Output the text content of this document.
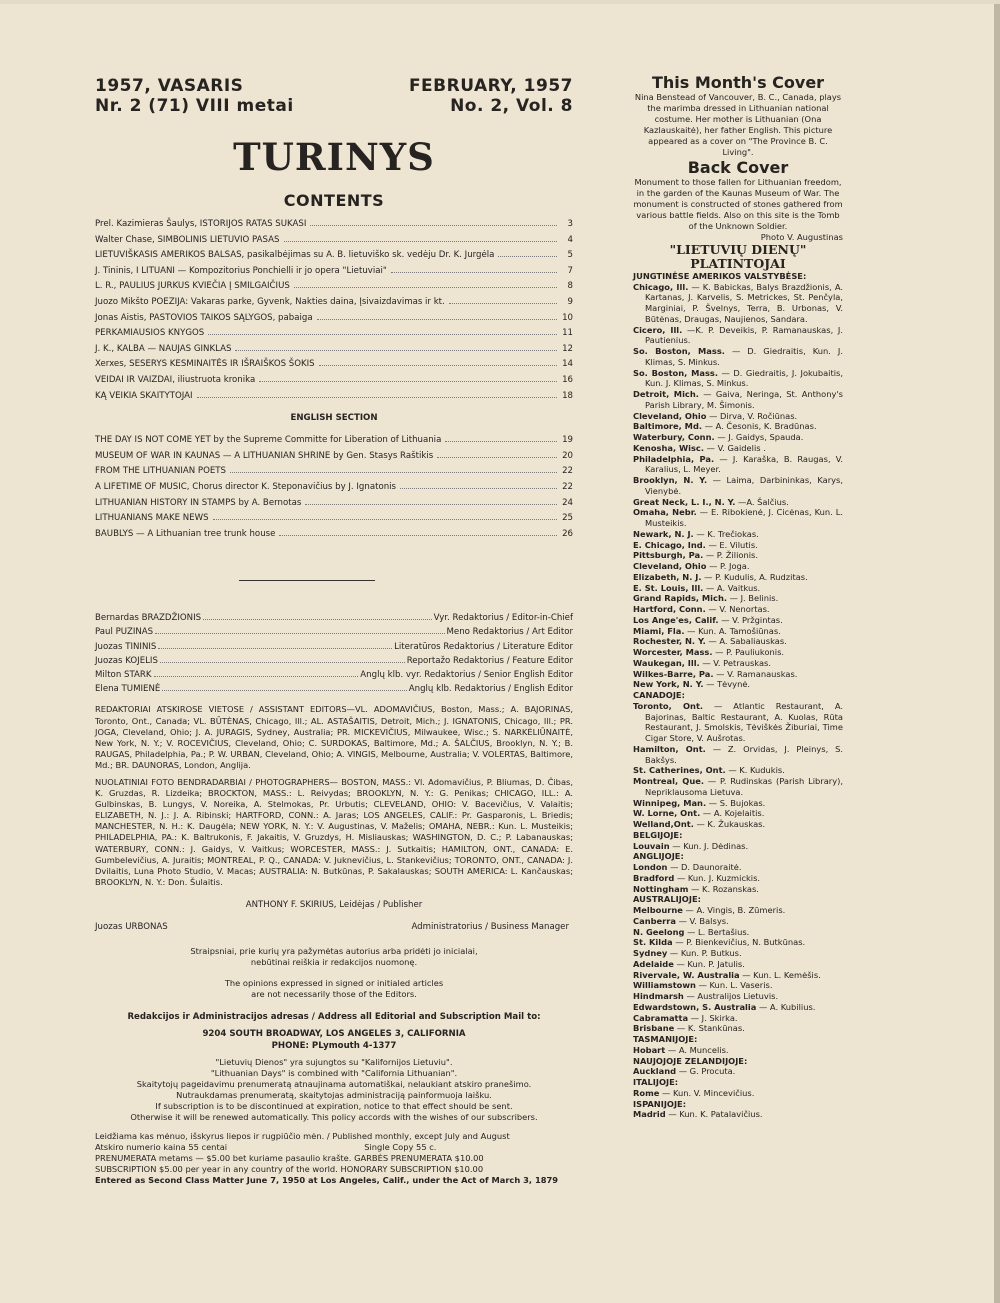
1957, VASARIS
Nr. 2 (71) VIII metai
FEBRUARY, 1957
No. 2, Vol. 8
TURINYS
CONTENTS
Prel. Kazimieras Šaulys, ISTORIJOS RATAS SUKASI	3
Walter Chase, SIMBOLINIS LIETUVIO PASAS	4
LIETUVIŠKASIS AMERIKOS BALSAS, pasikalbėjimas su A. B. lietuviško sk. vedėju Dr. K. Jurgėla	5
J. Tininis, I LITUANI — Kompozitorius Ponchielli ir jo opera "Lietuviai"	7
L. R., PAULIUS JURKUS KVIEČIA Į SMILGAIČIUS	8
Juozo Mikšto POEZIJA: Vakaras parke, Gyvenk, Nakties daina, Įsivaizdavimas ir kt.	9
Jonas Aistis, PASTOVIOS TAIKOS SĄLYGOS, pabaiga	10
PERKAMIAUSIOS KNYGOS	11
J. K., KALBA — NAUJAS GINKLAS	12
Xerxes, SESERYS KESMINAITĖS IR IŠRAIŠKOS ŠOKIS	14
VEIDAI IR VAIZDAI, iliustruota kronika	16
KĄ VEIKIA SKAITYTOJAI	18
ENGLISH SECTION
THE DAY IS NOT COME YET by the Supreme Committe for Liberation of Lithuania	19
MUSEUM OF WAR IN KAUNAS — A LITHUANIAN SHRINE by Gen. Stasys Raštikis	20
FROM THE LITHUANIAN POETS	22
A LIFETIME OF MUSIC, Chorus director K. Steponavičius by J. Ignatonis	22
LITHUANIAN HISTORY IN STAMPS by A. Bernotas	24
LITHUANIANS MAKE NEWS	25
BAUBLYS — A Lithuanian tree trunk house	26
Bernardas BRAZDŽIONIS	Vyr. Redaktorius / Editor-in-Chief
Paul PUZINAS	Meno Redaktorius / Art Editor
Juozas TININIS	Literatūros Redaktorius / Literature Editor
Juozas KOJELIS	Reportažo Redaktorius / Feature Editor
Milton STARK	Anglų klb. vyr. Redaktorius / Senior English Editor
Elena TUMIENĖ	Anglų klb. Redaktorius / English Editor
REDAKTORIAI ATSKIROSE VIETOSE / ASSISTANT EDITORS—VL. ADOMAVIČIUS, Boston, Mass.; A. BAJORINAS, Toronto, Ont., Canada; VL. BŪTĖNAS, Chicago, Ill.; AL. ASTAŠAITIS, Detroit, Mich.; J. IGNATONIS, Chicago, Ill.; PR. JOGA, Cleveland, Ohio; J. A. JURAGIS, Sydney, Australia; PR. MICKEVIČIUS, Milwaukee, Wisc.; S. NARKĖLIŪNAITĖ, New York, N. Y.; V. ROCEVIČIUS, Cleveland, Ohio; C. SURDOKAS, Baltimore, Md.; A. ŠALČIUS, Brooklyn, N. Y.; B. RAUGAS, Philadelphia, Pa.; P. W. URBAN, Cleveland, Ohio; A. VINGIS, Melbourne, Australia; V. VOLERTAS, Baltimore, Md.; BR. DAUNORAS, London, Anglija.
NUOLATINIAI FOTO BENDRADARBIAI / PHOTOGRAPHERS— BOSTON, MASS.: Vl. Adomavičius, P. Bliumas, D. Čibas, K. Gruzdas, R. Lizdeika; BROCKTON, MASS.: L. Reivydas; BROOKLYN, N. Y.: G. Penikas; CHICAGO, ILL.: A. Gulbinskas, B. Lungys, V. Noreika, A. Stelmokas, Pr. Urbutis; CLEVELAND, OHIO: V. Bacevičius, V. Valaitis; ELIZABETH, N. J.: J. A. Ribinski; HARTFORD, CONN.: A. Jaras; LOS ANGELES, CALIF.: Pr. Gasparonis, L. Briedis; MANCHESTER, N. H.: K. Daugėla; NEW YORK, N. Y.: V. Augustinas, V. Maželis; OMAHA, NEBR.: Kun. L. Musteikis; PHILADELPHIA, PA.: K. Baltrukonis, F. Jakaitis, V. Gruzdys, H. Misliauskas; WASHINGTON, D. C.; P. Labanauskas; WATERBURY, CONN.: J. Gaidys, V. Vaitkus; WORCESTER, MASS.: J. Sutkaitis; HAMILTON, ONT., CANADA: E. Gumbelevičius, A. Juraitis; MONTREAL, P. Q., CANADA: V. Juknevičius, L. Stankevičius; TORONTO, ONT., CANADA: J. Dvilaitis, Luna Photo Studio, V. Macas; AUSTRALIA: N. Butkūnas, P. Sakalauskas; SOUTH AMERICA: L. Kančauskas; BROOKLYN, N. Y.: Don. Šulaitis.
ANTHONY F. SKIRIUS, Leidėjas / Publisher
Juozas URBONAS	Administratorius / Business Manager
Straipsniai, prie kurių yra pažymėtas autorius arba pridėti jo inicialai,
nebūtinai reiškia ir redakcijos nuomonę.
The opinions expressed in signed or initialed articles
are not necessarily those of the Editors.
Redakcijos ir Administracijos adresas / Address all Editorial and Subscription Mail to:
9204 SOUTH BROADWAY, LOS ANGELES 3, CALIFORNIA
PHONE: PLymouth 4-1377
"Lietuvių Dienos" yra sujungtos su "Kalifornijos Lietuviu".
"Lithuanian Days" is combined with "California Lithuanian".
Skaitytojų pageidavimu prenumeratą atnaujinama automatiškai, nelaukiant atskiro pranešimo.
Nutraukdamas prenumeratą, skaitytojas administraciją painformuoja laišku.
If subscription is to be discontinued at expiration, notice to that effect should be sent.
Otherwise it will be renewed automatically. This policy accords with the wishes of our subscribers.
Leidžiama kas mėnuo, išskyrus liepos ir rugpiūčio mėn. / Published monthly, except July and August
Atskiro numerio kaina 55 centai                                                    Single Copy 55 c.
PRENUMERATA metams — $5.00 bet kuriame pasaulio krašte. GARBĖS PRENUMERATA $10.00
SUBSCRIPTION $5.00 per year in any country of the world. HONORARY SUBSCRIPTION $10.00
Entered as Second Class Matter June 7, 1950 at Los Angeles, Calif., under the Act of March 3, 1879
This Month's Cover
Nina Benstead of Vancouver, B. C., Canada, plays the marimba dressed in Lithuanian national costume. Her mother is Lithuanian (Ona Kazlauskaitė), her father English. This picture appeared as a cover on "The Province B. C. Living".
Back Cover
Monument to those fallen for Lithuanian freedom, in the garden of the Kaunas Museum of War. The monument is constructed of stones gathered from various battle fields. Also on this site is the Tomb of the Unknown Soldier.
Photo V. Augustinas
"LIETUVIŲ DIENŲ"
PLATINTOJAI
JUNGTINĖSE AMERIKOS VALSTYBĖSE:
Chicago, Ill. — K. Babickas, Balys Brazdžionis, A. Kartanas, J. Karvelis, S. Metrickes, St. Penčyla, Marginiai, P. Švelnys, Terra, B. Urbonas, V. Būtėnas, Draugas, Naujienos, Sandara.
Cicero, Ill. —K. P. Deveikis, P. Ramanauskas, J. Pautienius.
So. Boston, Mass. — D. Giedraitis, Kun. J. Klimas, S. Minkus.
So. Boston, Mass. — D. Giedraitis, J. Jokubaitis, Kun. J. Klimas, S. Minkus.
Detroit, Mich. — Gaiva, Neringa, St. Anthony's Parish Library, M. Šimonis.
Cleveland, Ohio — Dirva, V. Ročiūnas.
Baltimore, Md. — A. Česonis, K. Bradūnas.
Waterbury, Conn. — J. Gaidys, Spauda.
Kenosha, Wisc. — V. Gaidelis .
Philadelphia, Pa. — J. Karaška, B. Raugas, V. Karalius, L. Meyer.
Brooklyn, N. Y. — Laima, Darbininkas, Karys, Vienybė.
Great Neck, L. I., N. Y. —A. Šalčius.
Omaha, Nebr. — E. Ribokienė, J. Cicėnas, Kun. L. Musteikis.
Newark, N. J. — K. Trečiokas.
E. Chicago, Ind. — E. Vilutis.
Pittsburgh, Pa. — P. Žilionis.
Cleveland, Ohio — P. Joga.
Elizabeth, N. J. — P. Kudulis, A. Rudzitas.
E. St. Louis, Ill. — A. Vaitkus.
Grand Rapids, Mich. — J. Belinis.
Hartford, Conn. — V. Nenortas.
Los Ange'es, Calif. — V. Pržgintas.
Miami, Fla. — Kun. A. Tamošiūnas.
Rochester, N. Y. — A. Sabaliauskas.
Worcester, Mass. — P. Pauliukonis.
Waukegan, Ill. — V. Petrauskas.
Wilkes-Barre, Pa. — V. Ramanauskas.
New York, N. Y. — Tėvynė.
CANADOJE:
Toronto, Ont. — Atlantic Restaurant, A. Bajorinas, Baltic Restaurant, A. Kuolas, Rūta Restaurant, J. Smolskis, Tėviškės Žiburiai, Time Cigar Store, V. Aušrotas.
Hamilton, Ont. — Z. Orvidas, J. Pleinys, S. Bakšys.
St. Catherines, Ont. — K. Kudukis.
Montreal, Que. — P. Rudinskas (Parish Library), Nepriklausoma Lietuva.
Winnipeg, Man. — S. Bujokas.
W. Lorne, Ont. — A. Kojelaitis.
Welland,Ont. — K. Žukauskas.
BELGIJOJE:
Louvain — Kun. J. Dėdinas.
ANGLIJOJE:
London — D. Daunoraitė.
Bradford — Kun. J. Kuzmickis.
Nottingham — K. Rozanskas.
AUSTRALIJOJE:
Melbourne — A. Vingis, B. Zūmeris.
Canberra — V. Balsys.
N. Geelong — L. Bertašius.
St. Kilda — P. Bienkevičius, N. Butkūnas.
Sydney — Kun. P. Butkus.
Adelaide — Kun. P. Jatulis.
Rivervale, W. Australia — Kun. L. Kemėšis.
Williamstown — Kun. L. Vaseris.
Hindmarsh — Australijos Lietuvis.
Edwardstown, S. Australia — A. Kubilius.
Cabramatta — J. Skirka.
Brisbane — K. Stankūnas.
TASMANIJOJE:
Hobart — A. Muncelis.
NAUJOJOJE ZELANDIJOJE:
Auckland — G. Procuta.
ITALIJOJE:
Rome — Kun. V. Mincevičius.
ISPANIJOJE:
Madrid — Kun. K. Patalavičius.
